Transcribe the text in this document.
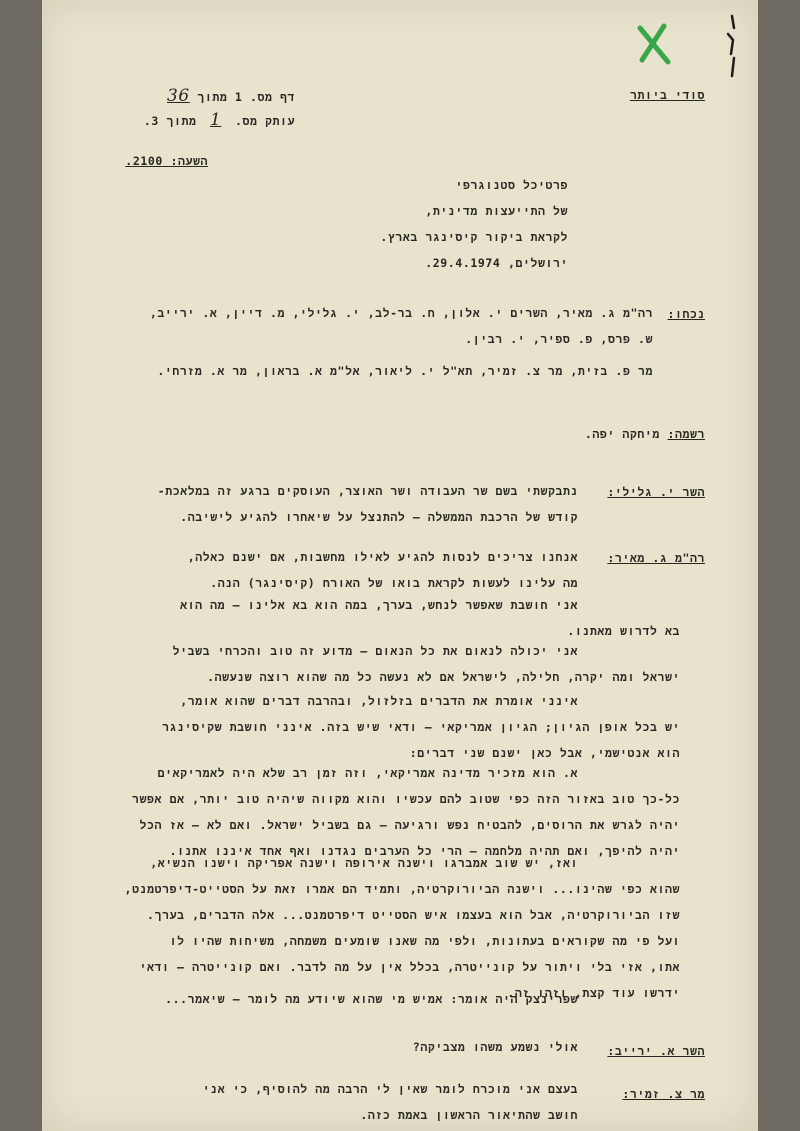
סודי ביותר
דף מס. 1 מתוך 36
עותק מס. 1 מתוך 3.
השעה: 2100.
פרטיכל סטנוגרפי
של התייעצות מדינית,
לקראת ביקור קיסינגר בארץ.
ירושלים, 29.4.1974.
נכחו:
רה"מ ג. מאיר, השרים י. אלון, ח. בר-לב, י. גלילי, מ. דיין, א. ירייב,
ש. פרס, פ. ספיר, י. רבין.
מר פ. בזית, מר צ. זמיר, תא"ל י. ליאור, אל"מ א. בראון, מר א. מזרחי.
רשמה: מיחקה יפה.
השר י. גלילי:
נתבקשתי בשם שר העבודה ושר האוצר, העוסקים ברגע זה במלאכת-
קודש של הרכבת הממשלה – להתנצל על שיאחרו להגיע לישיבה.
רה"מ ג. מאיר:
אנחנו צריכים לנסות להגיע לאילו מחשבות, אם ישנם כאלה,
מה עלינו לעשות לקראת בואו של האורח (קיסינגר) הנה.
אני חושבת שאפשר לנחש, בערך, במה הוא בא אלינו – מה הוא
בא לדרוש מאתנו.
אני יכולה לנאום את כל הנאום – מדוע זה טוב והכרחי בשביל
ישראל ומה יקרה, חלילה, לישראל אם לא נעשה כל מה שהוא רוצה שנעשה.
אינני אומרת את הדברים בזלזול, ובהרבה דברים שהוא אומר,
יש בכל אופן הגיון; הגיון אמריקאי – ודאי שיש בזה. אינני חושבת שקיסינגר
הוא אנטישמי, אבל כאן ישנם שני דברים:
א. הוא מזכיר מדינה אמריקאי, וזה זמן רב שלא היה לאמריקאים
כל-כך טוב באזור הזה כפי שטוב להם עכשיו והוא מקווה שיהיה טוב יותר, אם אפשר
יהיה לגרש את הרוסים, להבטיח נפש ורגיעה – גם בשביל ישראל. ואם לא – אז הכל
יהיה להיפך, ואם תהיה מלחמה – הרי כל הערבים נגדנו ואף אחד איננו אתנו.
ואז, יש שוב אמברגו וישנה אירופה וישנה אפריקה וישנו הנשיא,
שהוא כפי שהינו... וישנה הביורוקרטיה, ותמיד הם אמרו זאת על הסטייט-דיפרטמנט,
שזו הביורוקרטיה, אבל הוא בעצמו איש הסטייט דיפרטמנט... אלה הדברים, בערך.
ועל פי מה שקוראים בעתונות, ולפי מה שאנו שומעים משמחה, משיחות שהיו לו
אתו, אזי בלי ויתור על קונייטרה, בכלל אין על מה לדבר. ואם קונייטרה – ודאי
ידרשו עוד קצת, וזהו זה.
שפרינצק היה אומר: אמיש מי שהוא שיודע מה לומר – שיאמר...
השר א. ירייב:
אולי נשמע משהו מצביקה?
מר צ. זמיר:
בעצם אני מוכרח לומר שאין לי הרבה מה להוסיף, כי אני
חושב שהתיאור הראשון באמת כזה.
